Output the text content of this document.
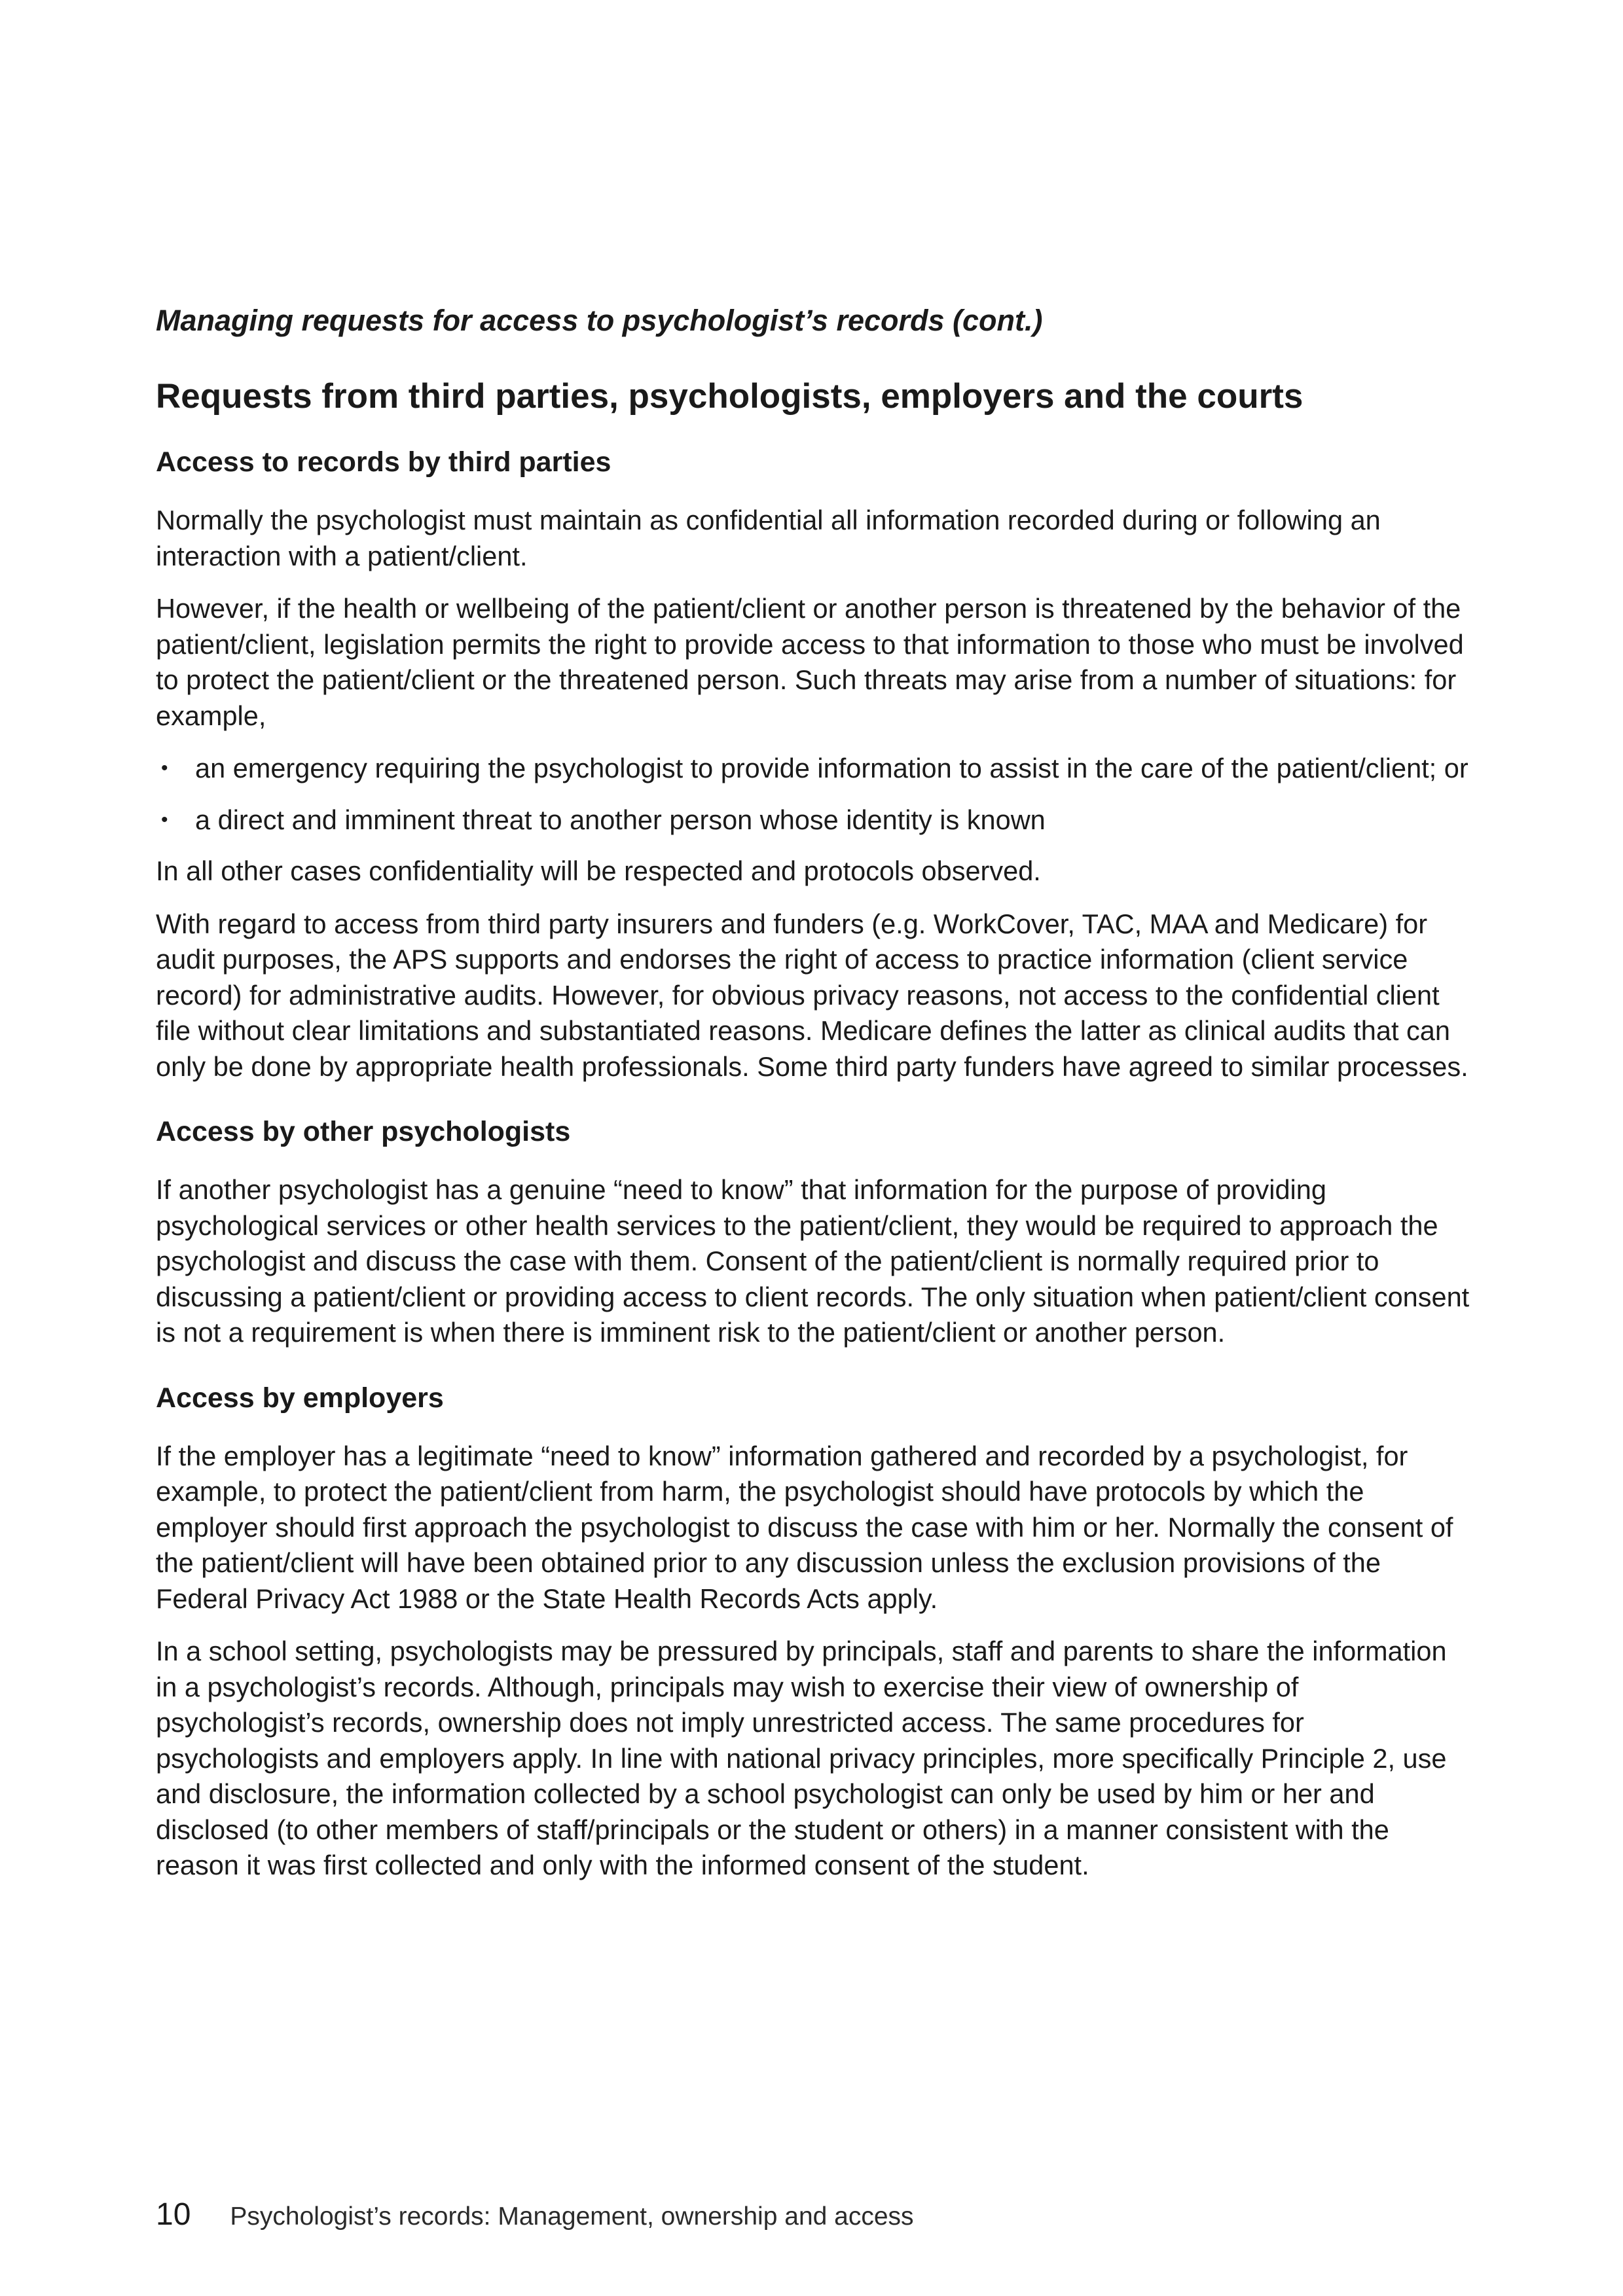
Managing requests for access to psychologist’s records (cont.)
Requests from third parties, psychologists, employers and the courts
Access to records by third parties

Normally the psychologist must maintain as confidential all information recorded during or following an interaction with a patient/client.

However, if the health or wellbeing of the patient/client or another person is threatened by the behavior of the patient/client, legislation permits the right to provide access to that information to those who must be involved to protect the patient/client or the threatened person. Such threats may arise from a number of situations: for example,

• an emergency requiring the psychologist to provide information to assist in the care of the patient/client; or
• a direct and imminent threat to another person whose identity is known

In all other cases confidentiality will be respected and protocols observed.

With regard to access from third party insurers and funders (e.g. WorkCover, TAC, MAA and Medicare) for audit purposes, the APS supports and endorses the right of access to practice information (client service record) for administrative audits. However, for obvious privacy reasons, not access to the confidential client file without clear limitations and substantiated reasons. Medicare defines the latter as clinical audits that can only be done by appropriate health professionals. Some third party funders have agreed to similar processes.

Access by other psychologists

If another psychologist has a genuine “need to know” that information for the purpose of providing psychological services or other health services to the patient/client, they would be required to approach the psychologist and discuss the case with them. Consent of the patient/client is normally required prior to discussing a patient/client or providing access to client records. The only situation when patient/client consent is not a requirement is when there is imminent risk to the patient/client or another person.

Access by employers

If the employer has a legitimate “need to know” information gathered and recorded by a psychologist, for example, to protect the patient/client from harm, the psychologist should have protocols by which the employer should first approach the psychologist to discuss the case with him or her. Normally the consent of the patient/client will have been obtained prior to any discussion unless the exclusion provisions of the Federal Privacy Act 1988 or the State Health Records Acts apply.

In a school setting, psychologists may be pressured by principals, staff and parents to share the information in a psychologist’s records. Although, principals may wish to exercise their view of ownership of psychologist’s records, ownership does not imply unrestricted access. The same procedures for psychologists and employers apply. In line with national privacy principles, more specifically Principle 2, use and disclosure, the information collected by a school psychologist can only be used by him or her and disclosed (to other members of staff/principals or the student or others) in a manner consistent with the reason it was first collected and only with the informed consent of the student.

10 Psychologist’s records: Management, ownership and access
